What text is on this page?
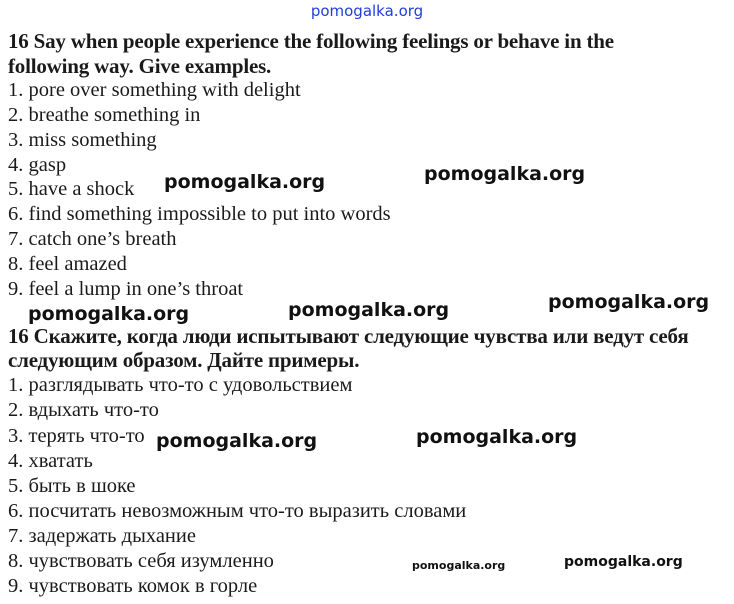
pomogalka.org
16 Say when people experience the following feelings or behave in the
following way. Give examples.
1. pore over something with delight
2. breathe something in
3. miss something
4. gasp
5. have a shock
6. find something impossible to put into words
7. catch one’s breath
8. feel amazed
9. feel a lump in one’s throat
16 Скажите, когда люди испытывают следующие чувства или ведут себя
следующим образом. Дайте примеры.
1. разглядывать что-то с удовольствием
2. вдыхать что-то
3. терять что-то
4. хватать
5. быть в шоке
6. посчитать невозможным что-то выразить словами
7. задержать дыхание
8. чувствовать себя изумленно
9. чувствовать комок в горле
pomogalka.org	pomogalka.org
pomogalka.org
pomogalka.org
pomogalka.org
pomogalka.org	pomogalka.org
pomogalka.org
pomogalka.org
